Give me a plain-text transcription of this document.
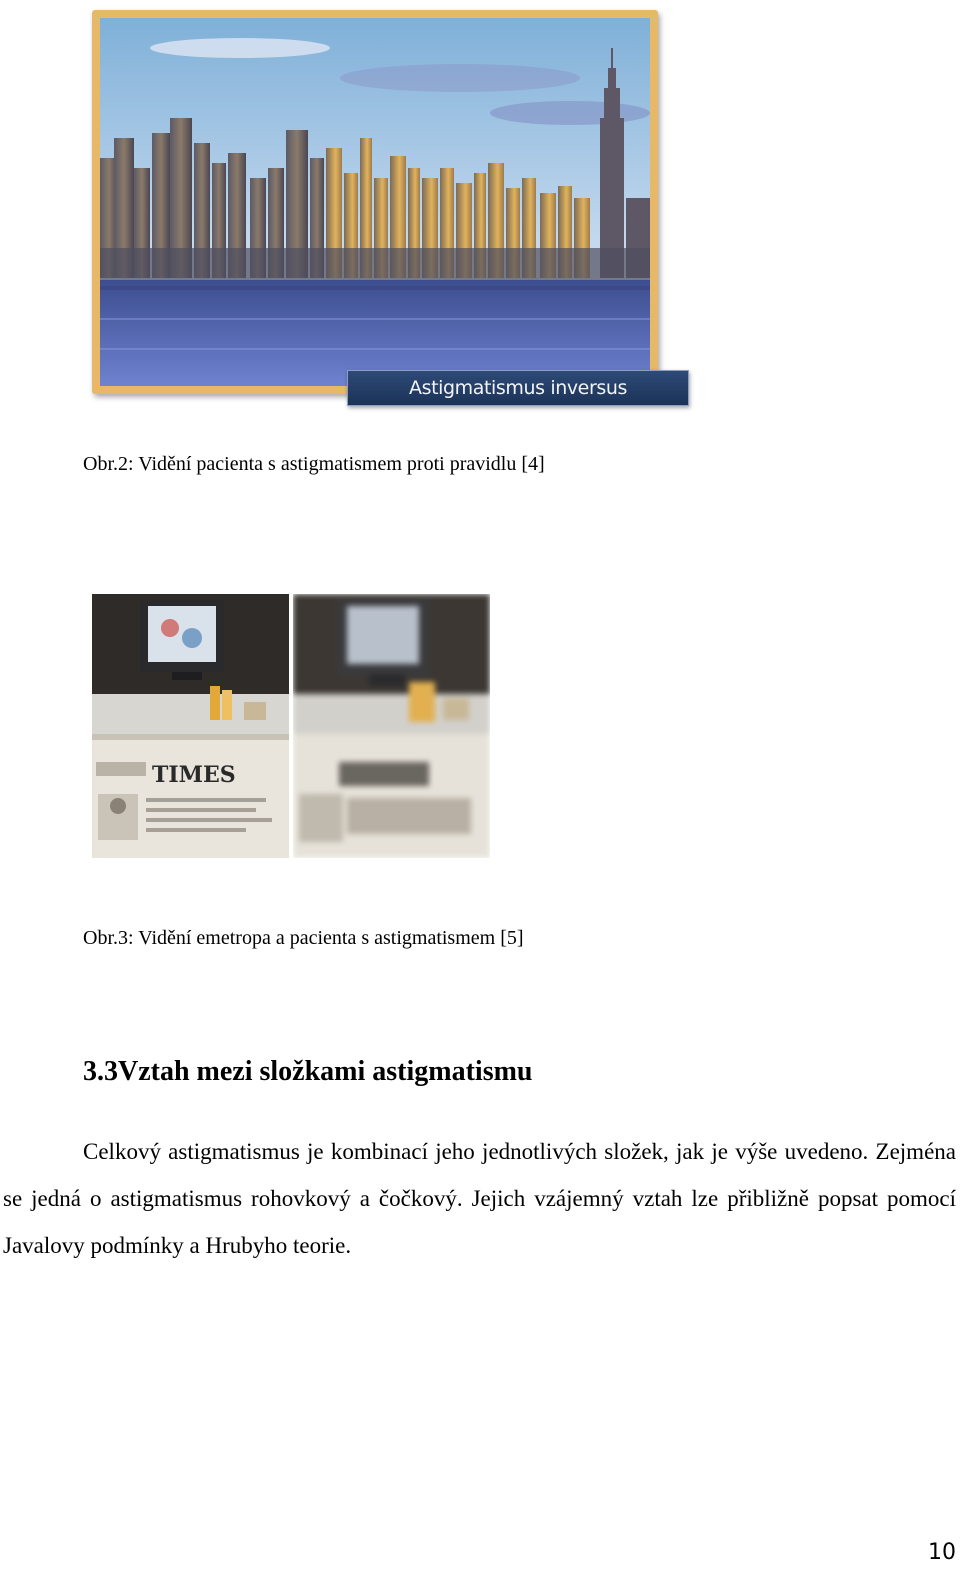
Astigmatismus inversus
Obr.2: Vidění pacienta s astigmatismem proti pravidlu [4]
TIMES
Obr.3: Vidění emetropa a pacienta s astigmatismem [5]
3.3Vztah mezi složkami astigmatismu

Celkový astigmatismus je kombinací jeho jednotlivých složek, jak je výše uvedeno. Zejména se jedná o astigmatismus rohovkový a čočkový. Jejich vzájemný vztah lze přibližně popsat pomocí Javalovy podmínky a Hrubyho teorie.

10
